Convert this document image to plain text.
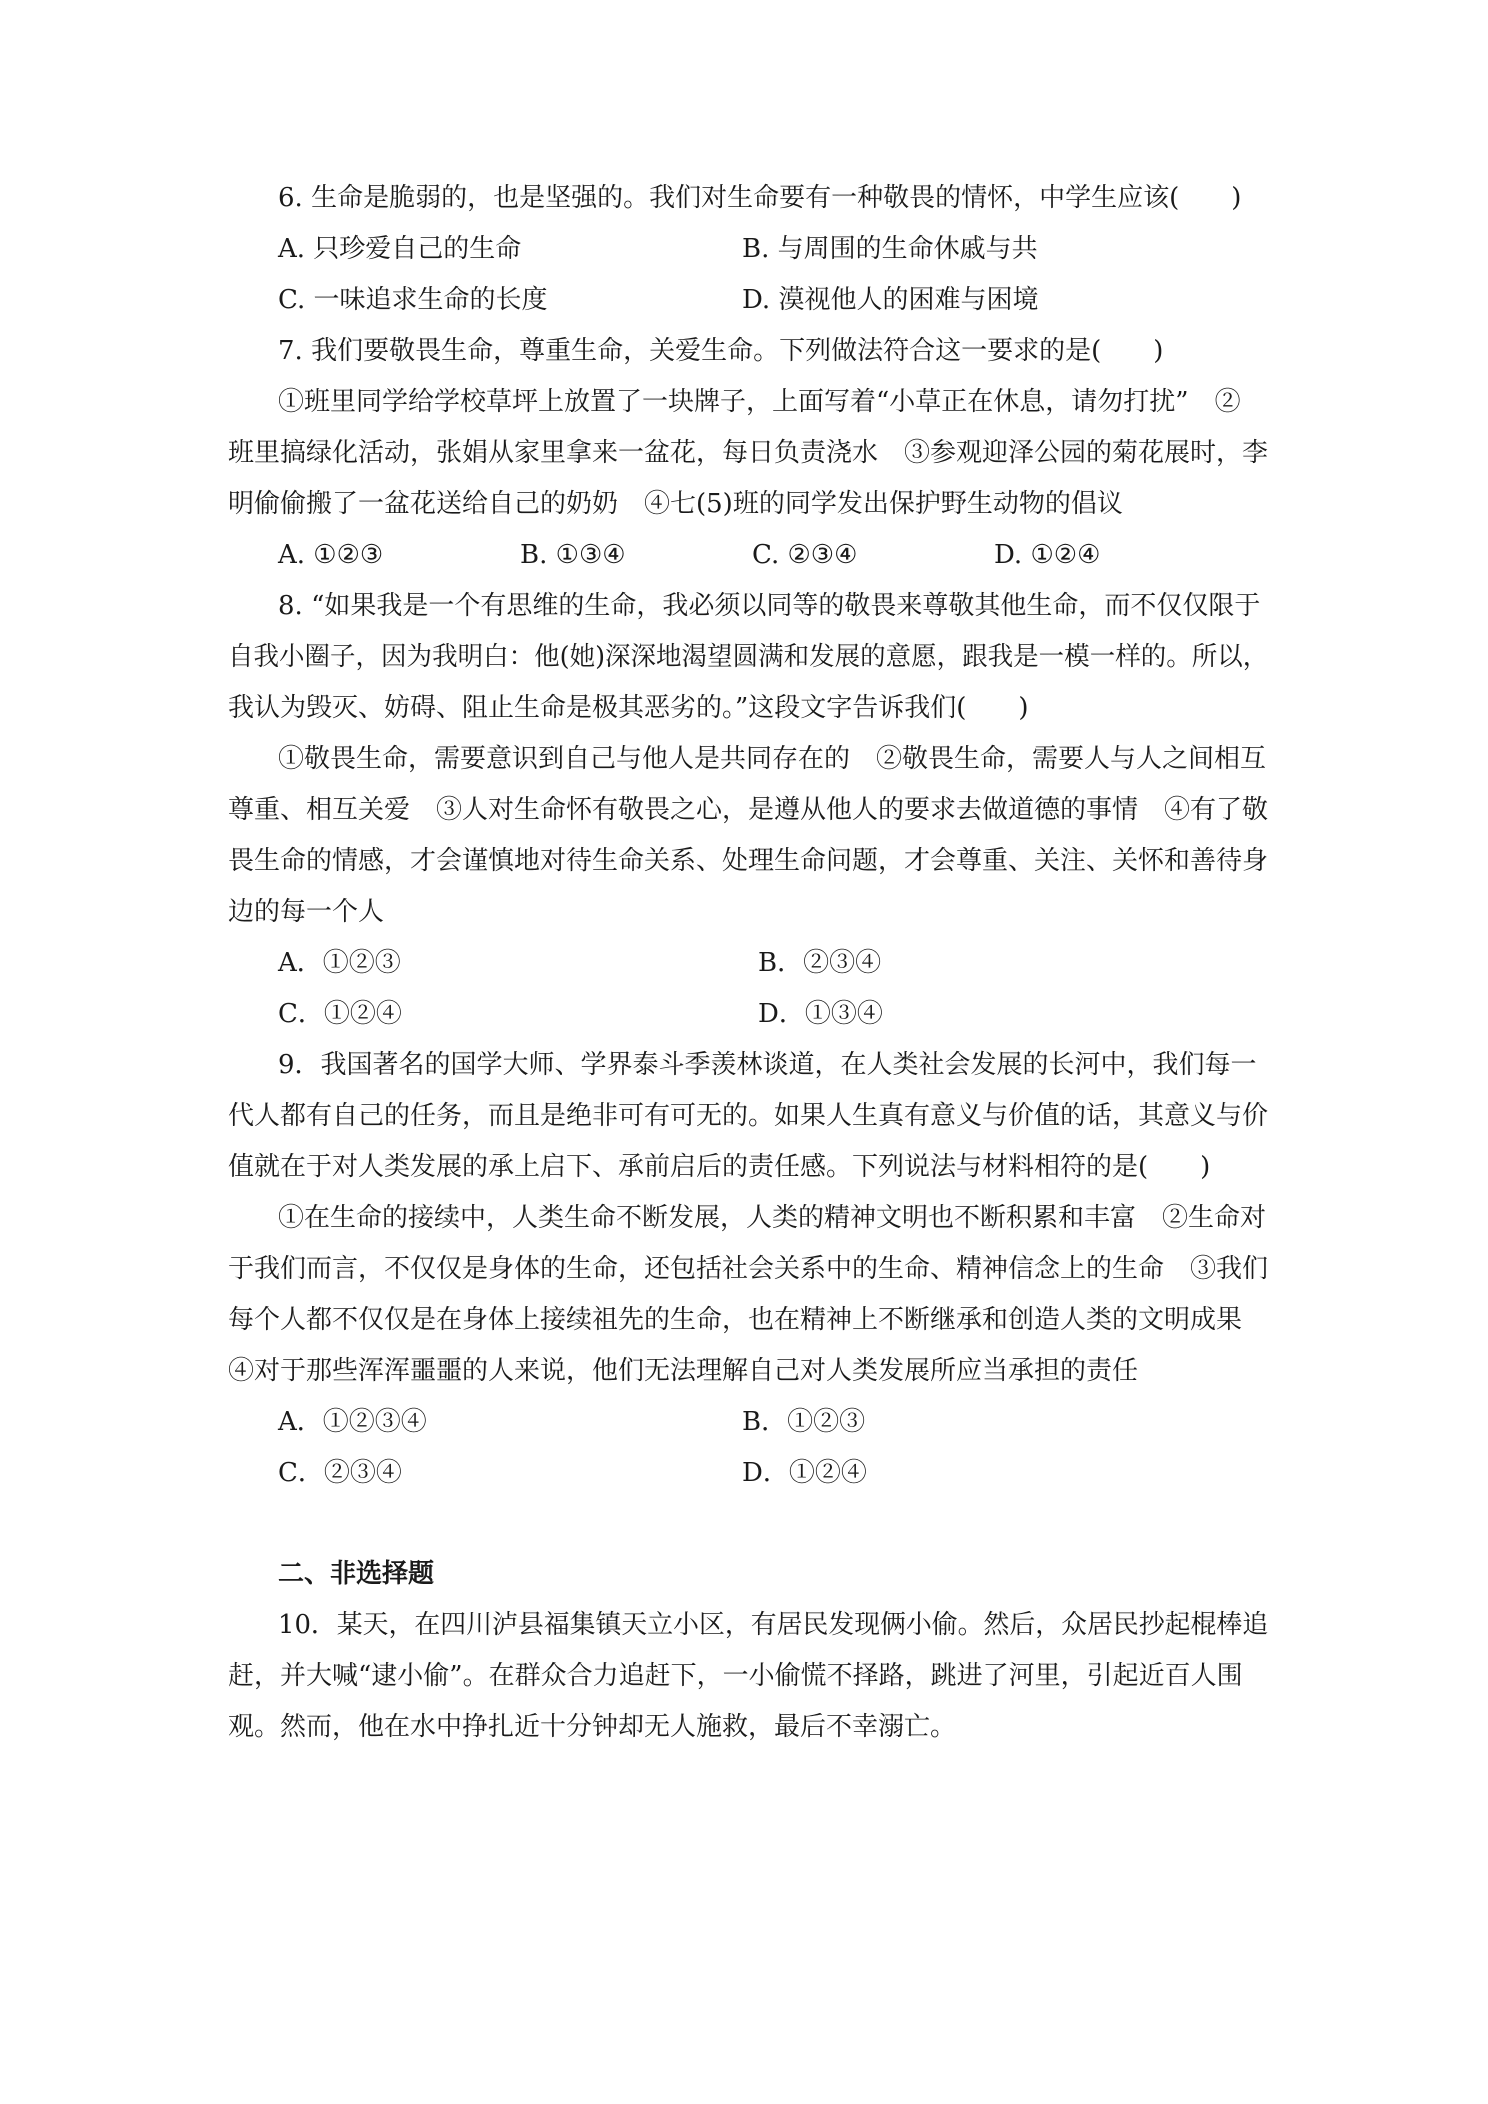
6. 生命是脆弱的，也是坚强的。我们对生命要有一种敬畏的情怀，中学生应该(　　)
A. 只珍爱自己的生命	B. 与周围的生命休戚与共
C. 一味追求生命的长度	D. 漠视他人的困难与困境
7. 我们要敬畏生命，尊重生命，关爱生命。下列做法符合这一要求的是(　　)
①班里同学给学校草坪上放置了一块牌子，上面写着“小草正在休息，请勿打扰”　②
班里搞绿化活动，张娟从家里拿来一盆花，每日负责浇水　③参观迎泽公园的菊花展时，李
明偷偷搬了一盆花送给自己的奶奶　④七(5)班的同学发出保护野生动物的倡议
A. ①②③	B. ①③④	C. ②③④	D. ①②④
8. “如果我是一个有思维的生命，我必须以同等的敬畏来尊敬其他生命，而不仅仅限于
自我小圈子，因为我明白：他(她)深深地渴望圆满和发展的意愿，跟我是一模一样的。所以，
我认为毁灭、妨碍、阻止生命是极其恶劣的。”这段文字告诉我们(　　)
①敬畏生命，需要意识到自己与他人是共同存在的　②敬畏生命，需要人与人之间相互
尊重、相互关爱　③人对生命怀有敬畏之心，是遵从他人的要求去做道德的事情　④有了敬
畏生命的情感，才会谨慎地对待生命关系、处理生命问题，才会尊重、关注、关怀和善待身
边的每一个人
A．①②③	B．②③④
C．①②④	D．①③④
9．我国著名的国学大师、学界泰斗季羡林谈道，在人类社会发展的长河中，我们每一
代人都有自己的任务，而且是绝非可有可无的。如果人生真有意义与价值的话，其意义与价
值就在于对人类发展的承上启下、承前启后的责任感。下列说法与材料相符的是(　　)
①在生命的接续中，人类生命不断发展，人类的精神文明也不断积累和丰富　②生命对
于我们而言，不仅仅是身体的生命，还包括社会关系中的生命、精神信念上的生命　③我们
每个人都不仅仅是在身体上接续祖先的生命，也在精神上不断继承和创造人类的文明成果
④对于那些浑浑噩噩的人来说，他们无法理解自己对人类发展所应当承担的责任
A．①②③④	B．①②③
C．②③④	D．①②④
二、非选择题
10．某天，在四川泸县福集镇天立小区，有居民发现俩小偷。然后，众居民抄起棍棒追
赶，并大喊“逮小偷”。在群众合力追赶下，一小偷慌不择路，跳进了河里，引起近百人围
观。然而，他在水中挣扎近十分钟却无人施救，最后不幸溺亡。
